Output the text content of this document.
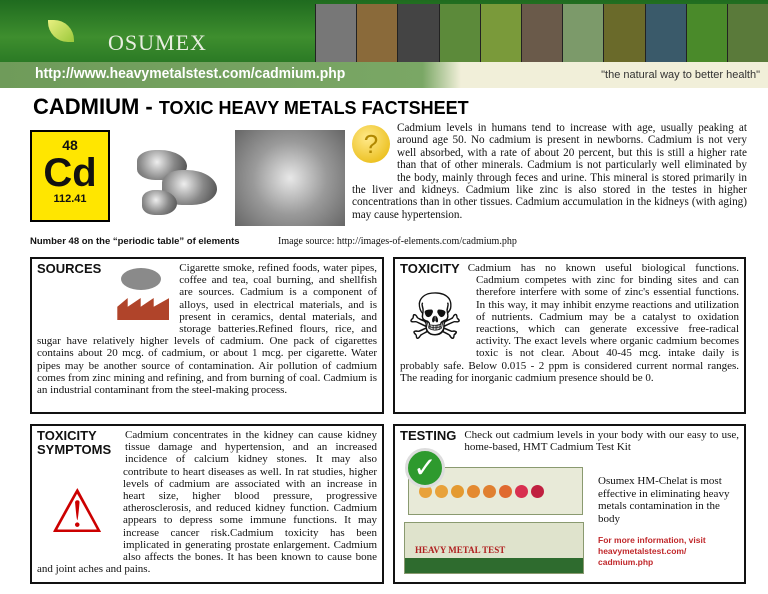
OSUMEX
http://www.heavymetalstest.com/cadmium.php	"the natural way to better health"
CADMIUM - TOXIC HEAVY METALS FACTSHEET
48
Cd
112.41
?
Cadmium levels in humans tend to increase with age, usually peaking at around age 50. No cadmium is present in newborns. Cadmium is not very well absorbed, with a rate of about 20 percent, but this is still a higher rate than that of other minerals. Cadmium is not particularly well eliminated by the body, mainly through feces and urine. This mineral is stored primarily in the liver and kidneys. Cadmium like zinc is also stored in the testes in higher concentrations than in other tissues. Cadmium accumulation in the kidneys (with aging) may cause hypertension.
Number 48 on the “periodic table” of elements	Image source: http://images-of-elements.com/cadmium.php
SOURCES	Cigarette smoke, refined foods, water pipes, coffee and tea, coal burning, and shellfish are sources. Cadmium is a component of alloys, used in electrical materials, and is present in ceramics, dental materials, and storage batteries.Refined flours, rice, and sugar have relatively higher levels of cadmium. One pack of cigarettes contains about 20 mcg. of cadmium, or about 1 mcg. per cigarette. Water pipes may be another source of contamination. Air pollution of cadmium comes from zinc mining and refining, and from burning of coal. Cadmium is an industrial contaminant from the steel-making process.
TOXICITY
☠
Cadmium has no known useful biological functions. Cadmium competes with zinc for binding sites and can therefore interfere with some of zinc's essential functions. In this way, it may inhibit enzyme reactions and utilization of nutrients. Cadmium may be a catalyst to oxidation reactions, which can generate excessive free-radical activity. The exact levels where organic cadmium becomes toxic is not clear. About 40-45 mcg. intake daily is probably safe. Below 0.015 - 2 ppm is considered current normal ranges. The reading for inorganic cadmium presence should be 0.
TOXICITY SYMPTOMS
⚠
Cadmium concentrates in the kidney can cause kidney tissue damage and hypertension, and an increased incidence of calcium kidney stones. It may also contribute to heart diseases as well. In rat studies, higher levels of cadmium are associated with an increase in heart size, higher blood pressure, progressive atherosclerosis, and reduced kidney function. Cadmium appears to depress some immune functions. It may increase cancer risk.Cadmium toxicity has been implicated in generating prostate enlargement. Cadmium also affects the bones. It has been known to cause bone and joint aches and pains.
TESTING Check out cadmium levels in your body with our easy to use, home-based, HMT Cadmium Test Kit
HEAVY METAL TEST
✓	Osumex HM-Chelat is most effective in eliminating heavy metals contamination in the body
For more information, visit heavymetalstest.com/ cadmium.php
